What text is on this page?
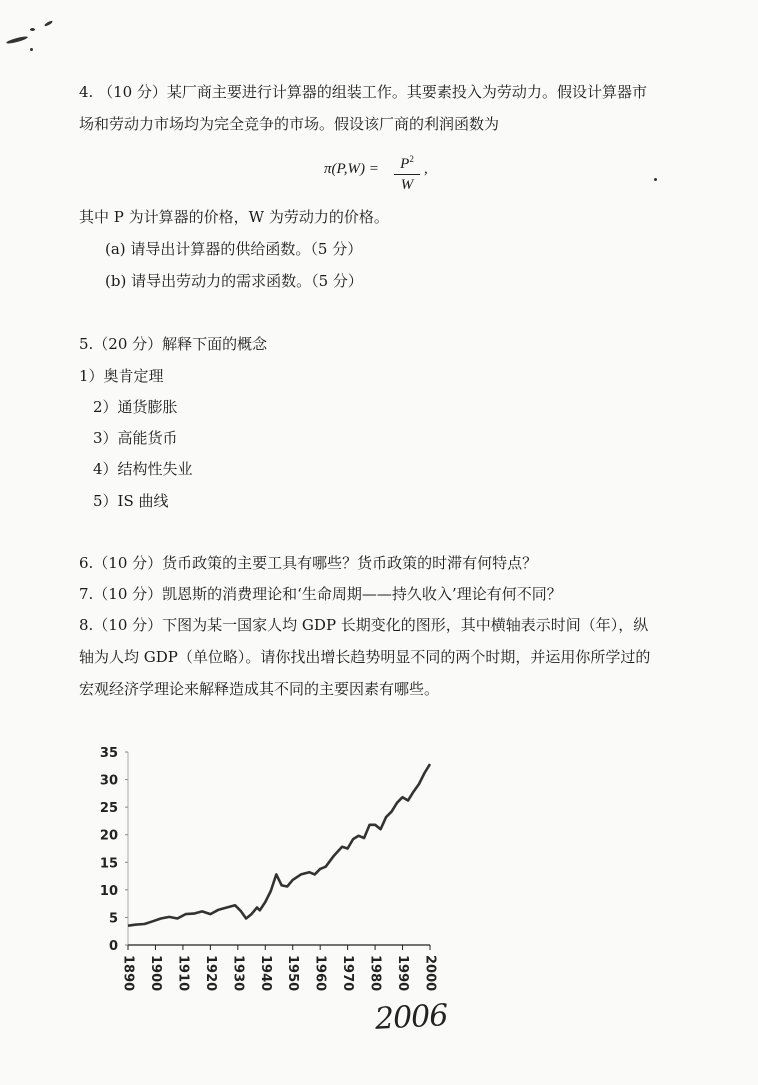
4. （10 分）某厂商主要进行计算器的组装工作。其要素投入为劳动力。假设计算器市
场和劳动力市场均为完全竞争的市场。假设该厂商的利润函数为
π(P,W) =	$P^2$
W
,
其中 P 为计算器的价格，W 为劳动力的价格。
(a) 请导出计算器的供给函数。（5 分）
(b) 请导出劳动力的需求函数。（5 分）
5.（20 分）解释下面的概念
1）奥肯定理
2）通货膨胀
3）高能货币
4）结构性失业
5）IS 曲线
6.（10 分）货币政策的主要工具有哪些？货币政策的时滞有何特点？
7.（10 分）凯恩斯的消费理论和‘生命周期——持久收入’理论有何不同？
8.（10 分）下图为某一国家人均 GDP 长期变化的图形，其中横轴表示时间（年），纵
轴为人均 GDP（单位略）。请你找出增长趋势明显不同的两个时期，并运用你所学过的
宏观经济学理论来解释造成其不同的主要因素有哪些。
0
5
10
15
20
25
30
35
1890 1900 1910 1920 1930 1940 1950 1960 1970 1980 1990 2000
2006
